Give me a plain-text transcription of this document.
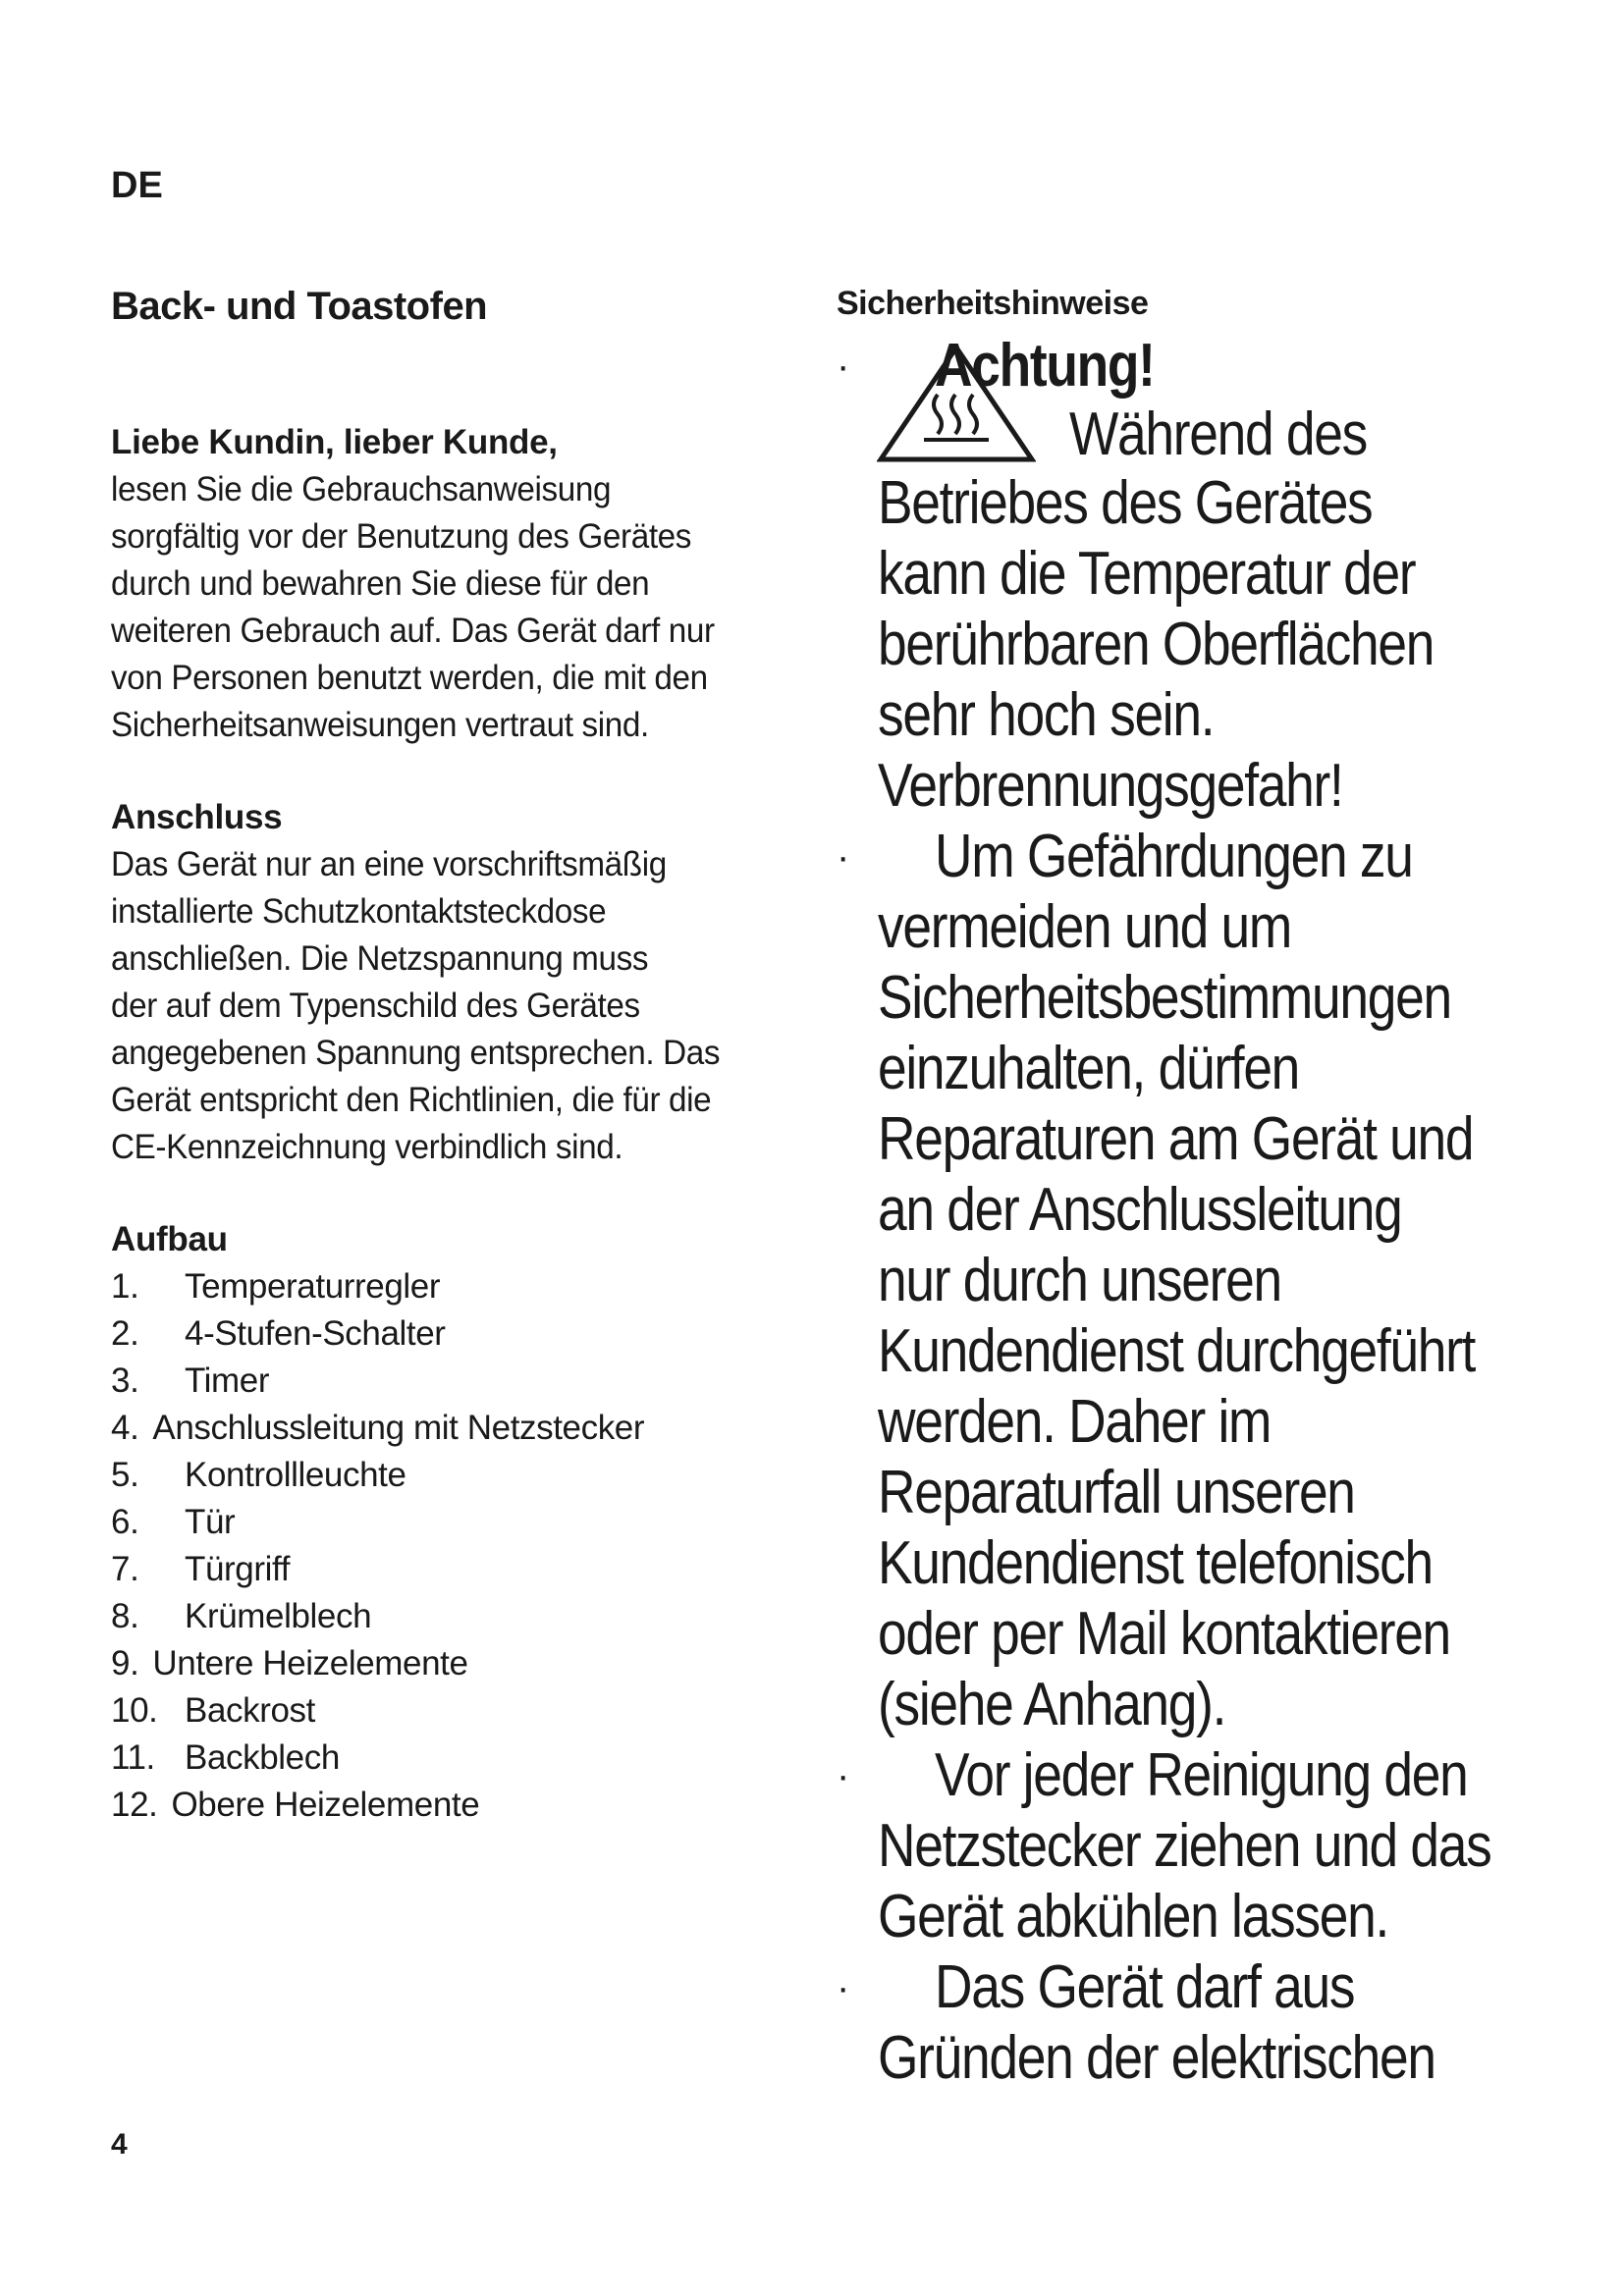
DE
Back- und Toastofen
Liebe Kundin, lieber Kunde,

lesen Sie die Gebrauchsanweisung

sorgfältig vor der Benutzung des Gerätes

durch und bewahren Sie diese für den

weiteren Gebrauch auf. Das Gerät darf nur

von Personen benutzt werden, die mit den

Sicherheitsanweisungen vertraut sind.

Anschluss

Das Gerät nur an eine vorschriftsmäßig

installierte Schutzkontaktsteckdose

anschließen. Die Netzspannung muss

der auf dem Typenschild des Gerätes

angegebenen Spannung entsprechen. Das

Gerät entspricht den Richtlinien, die für die

CE-Kennzeichnung verbindlich sind.

Aufbau
1.	Temperaturregler
2.	4-Stufen-Schalter
3.	Timer
4. Anschlussleitung mit Netzstecker
5.	Kontrollleuchte
6.	Tür
7.	Türgriff
8.	Krümelblech
9. Untere Heizelemente
10. Backrost
11. Backblech
12. Obere Heizelemente
Sicherheitshinweise
· Achtung!
Während des
Betriebes des Gerätes
kann die Temperatur der
berührbaren Oberflächen
sehr hoch sein.
Verbrennungsgefahr!
· Um Gefährdungen zu
vermeiden und um
Sicherheitsbestimmungen
einzuhalten, dürfen
Reparaturen am Gerät und
an der Anschlussleitung
nur durch unseren
Kundendienst durchgeführt
werden. Daher im
Reparaturfall unseren
Kundendienst telefonisch
oder per Mail kontaktieren
(siehe Anhang).
· Vor jeder Reinigung den
Netzstecker ziehen und das
Gerät abkühlen lassen.
· Das Gerät darf aus
Gründen der elektrischen
4
